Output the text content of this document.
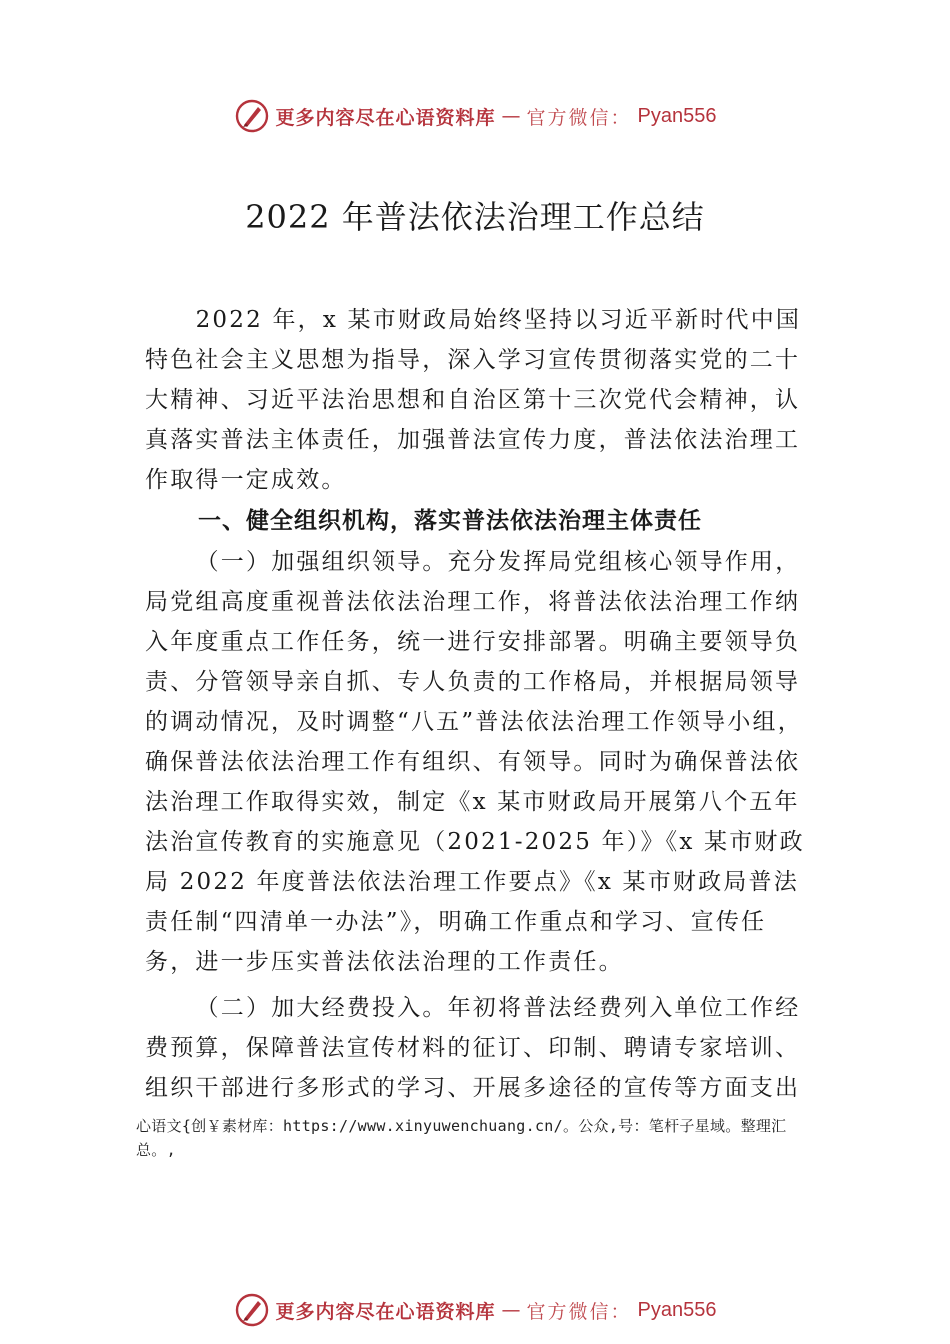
更多内容尽在心语资料库 — 官方微信： Pyan556
2022 年普法依法治理工作总结

2022 年，x 某市财政局始终坚持以习近平新时代中国特色社会主义思想为指导，深入学习宣传贯彻落实党的二十大精神、习近平法治思想和自治区第十三次党代会精神，认真落实普法主体责任，加强普法宣传力度，普法依法治理工作取得一定成效。

一、健全组织机构，落实普法依法治理主体责任

（一）加强组织领导。充分发挥局党组核心领导作用，局党组高度重视普法依法治理工作，将普法依法治理工作纳入年度重点工作任务，统一进行安排部署。明确主要领导负责、分管领导亲自抓、专人负责的工作格局，并根据局领导的调动情况，及时调整“八五”普法依法治理工作领导小组，确保普法依法治理工作有组织、有领导。同时为确保普法依法治理工作取得实效，制定《x 某市财政局开展第八个五年法治宣传教育的实施意见（2021-2025 年）》《x 某市财政局 2022 年度普法依法治理工作要点》《x 某市财政局普法责任制“四清单一办法”》，明确工作重点和学习、宣传任务，进一步压实普法依法治理的工作责任。

（二）加大经费投入。年初将普法经费列入单位工作经费预算，保障普法宣传材料的征订、印制、聘请专家培训、 组织干部进行多形式的学习、开展多途径的宣传等方面支出

心语文{创￥素材库：https://www.xinyuwenchuang.cn/。公众,号：笔杆子星域。整理汇总。,
更多内容尽在心语资料库 — 官方微信： Pyan556
